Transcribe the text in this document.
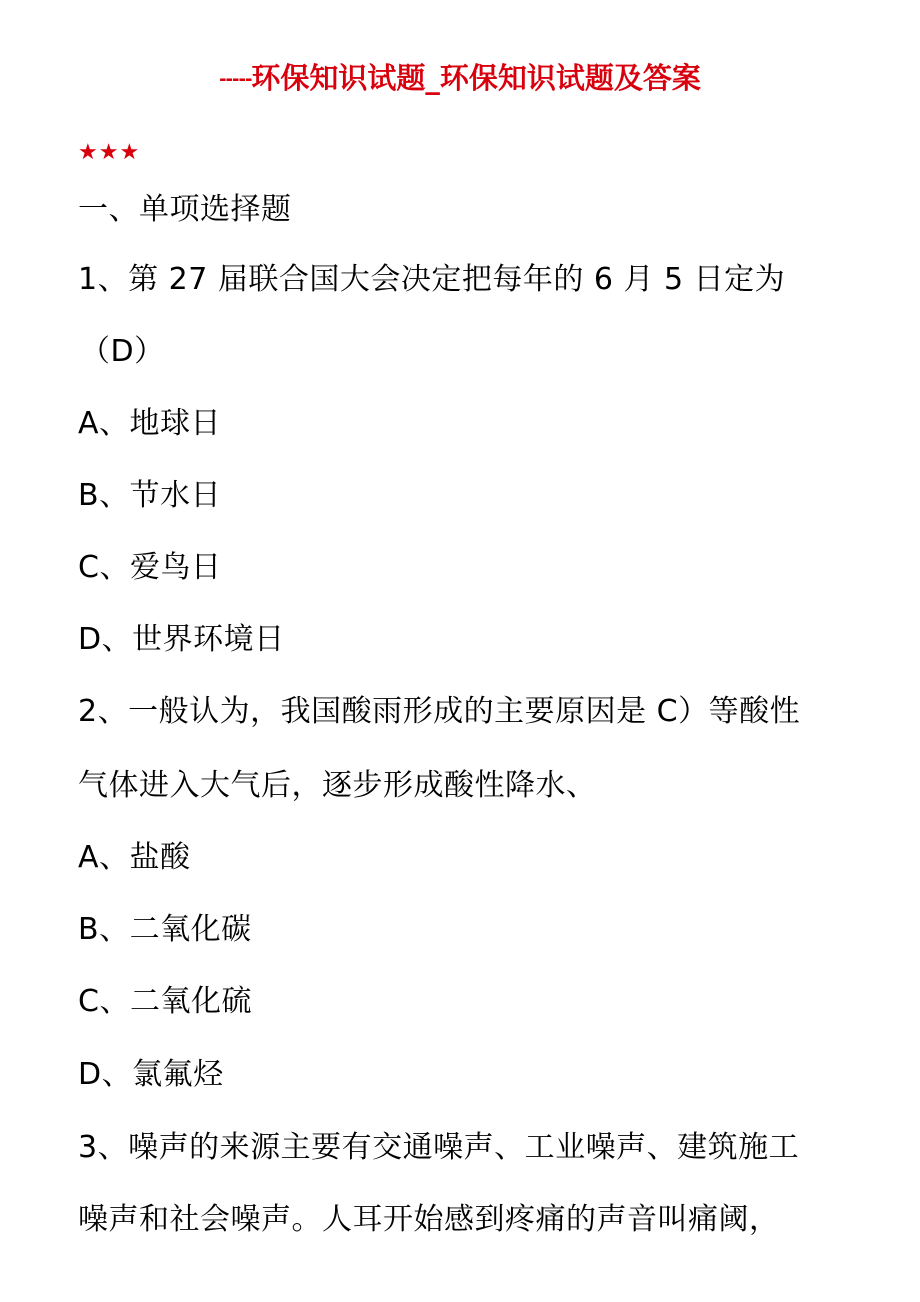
-----环保知识试题_环保知识试题及答案
★★★
一、单项选择题
1、第 27 届联合国大会决定把每年的 6 月 5 日定为
（D）
A、地球日
B、节水日
C、爱鸟日
D、世界环境日
2、一般认为，我国酸雨形成的主要原因是 C）等酸性
气体进入大气后，逐步形成酸性降水、
A、盐酸
B、二氧化碳
C、二氧化硫
D、氯氟烃
3、噪声的来源主要有交通噪声、工业噪声、建筑施工
噪声和社会噪声。人耳开始感到疼痛的声音叫痛阈，
